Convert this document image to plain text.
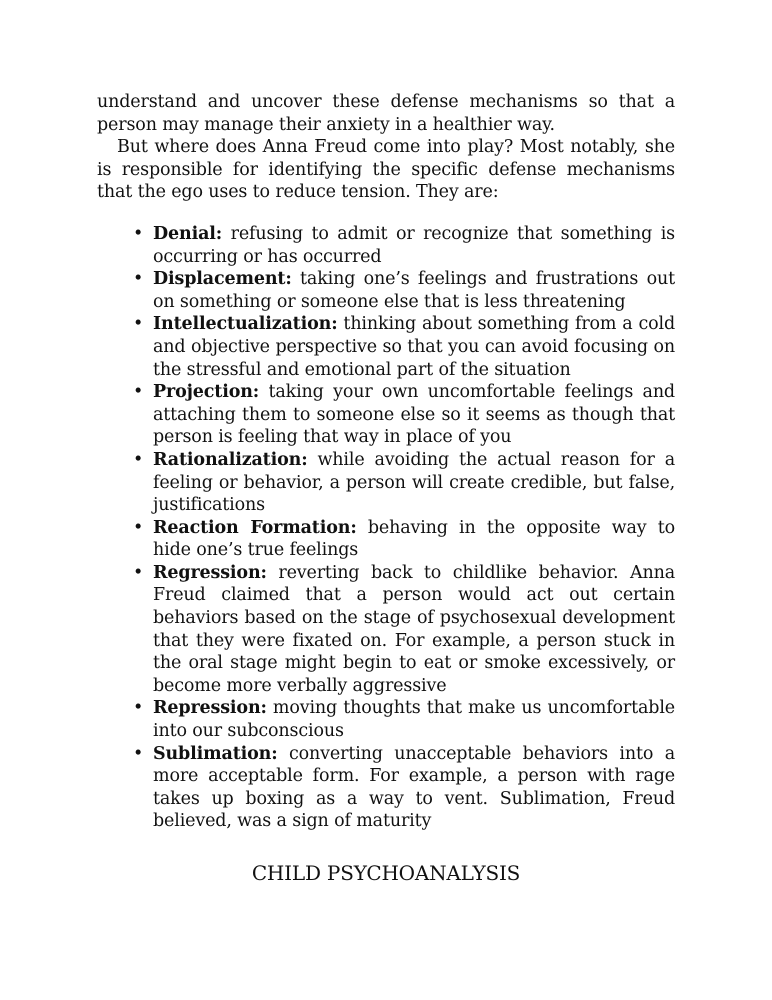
understand and uncover these defense mechanisms so that a person may manage their anxiety in a healthier way.

But where does Anna Freud come into play? Most notably, she is responsible for identifying the specific defense mechanisms that the ego uses to reduce tension. They are:

• Denial: refusing to admit or recognize that something is occurring or has occurred
• Displacement: taking one’s feelings and frustrations out on something or someone else that is less threatening
• Intellectualization: thinking about something from a cold and objective perspective so that you can avoid focusing on the stressful and emotional part of the situation
• Projection: taking your own uncomfortable feelings and attaching them to someone else so it seems as though that person is feeling that way in place of you
• Rationalization: while avoiding the actual reason for a feeling or behavior, a person will create credible, but false, justifications
• Reaction Formation: behaving in the opposite way to hide one’s true feelings
• Regression: reverting back to childlike behavior. Anna Freud claimed that a person would act out certain behaviors based on the stage of psychosexual development that they were fixated on. For example, a person stuck in the oral stage might begin to eat or smoke excessively, or become more verbally aggressive
• Repression: moving thoughts that make us uncomfortable into our subconscious
• Sublimation: converting unacceptable behaviors into a more acceptable form. For example, a person with rage takes up boxing as a way to vent. Sublimation, Freud believed, was a sign of maturity
CHILD PSYCHOANALYSIS
